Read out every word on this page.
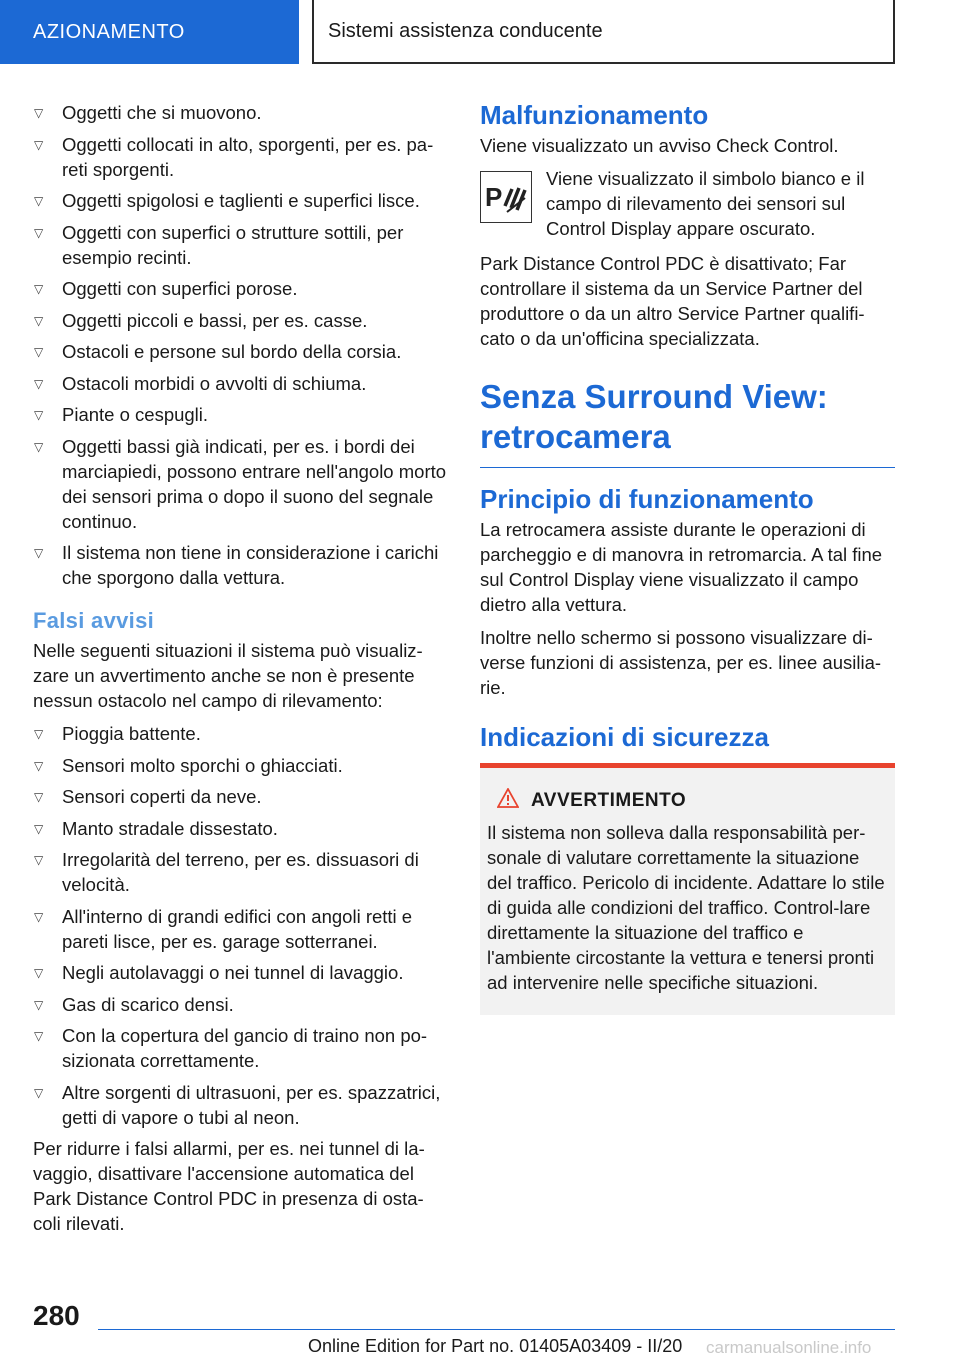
AZIONAMENTO	Sistemi assistenza conducente
▽ Oggetti che si muovono.
▽ Oggetti collocati in alto, sporgenti, per es. pa-reti sporgenti.
▽ Oggetti spigolosi e taglienti e superfici lisce.
▽ Oggetti con superfici o strutture sottili, per esempio recinti.
▽ Oggetti con superfici porose.
▽ Oggetti piccoli e bassi, per es. casse.
▽ Ostacoli e persone sul bordo della corsia.
▽ Ostacoli morbidi o avvolti di schiuma.
▽ Piante o cespugli.
▽ Oggetti bassi già indicati, per es. i bordi dei marciapiedi, possono entrare nell'angolo morto dei sensori prima o dopo il suono del segnale continuo.
▽ Il sistema non tiene in considerazione i carichi che sporgono dalla vettura.
Falsi avvisi

Nelle seguenti situazioni il sistema può visualiz-zare un avvertimento anche se non è presente nessun ostacolo nel campo di rilevamento:

▽ Pioggia battente.
▽ Sensori molto sporchi o ghiacciati.
▽ Sensori coperti da neve.
▽ Manto stradale dissestato.
▽ Irregolarità del terreno, per es. dissuasori di velocità.
▽ All'interno di grandi edifici con angoli retti e pareti lisce, per es. garage sotterranei.
▽ Negli autolavaggi o nei tunnel di lavaggio.
▽ Gas di scarico densi.
▽ Con la copertura del gancio di traino non po-sizionata correttamente.
▽ Altre sorgenti di ultrasuoni, per es. spazzatrici, getti di vapore o tubi al neon.

Per ridurre i falsi allarmi, per es. nei tunnel di la-vaggio, disattivare l'accensione automatica del Park Distance Control PDC in presenza di osta-coli rilevati.

Malfunzionamento

Viene visualizzato un avviso Check Control.

P

Viene visualizzato il simbolo bianco e il campo di rilevamento dei sensori sul Control Display appare oscurato.

Park Distance Control PDC è disattivato; Far controllare il sistema da un Service Partner del produttore o da un altro Service Partner qualifi-cato o da un'officina specializzata.

Senza Surround View: retrocamera
Principio di funzionamento

La retrocamera assiste durante le operazioni di parcheggio e di manovra in retromarcia. A tal fine sul Control Display viene visualizzato il campo dietro alla vettura.

Inoltre nello schermo si possono visualizzare di-verse funzioni di assistenza, per es. linee ausilia-rie.

Indicazioni di sicurezza
AVVERTIMENTO

Il sistema non solleva dalla responsabilità per-sonale di valutare correttamente la situazione del traffico. Pericolo di incidente. Adattare lo stile di guida alle condizioni del traffico. Control-lare direttamente la situazione del traffico e l'ambiente circostante la vettura e tenersi pronti ad intervenire nelle specifiche situazioni.

280
Online Edition for Part no. 01405A03409 - II/20 carmanualsonline.info
